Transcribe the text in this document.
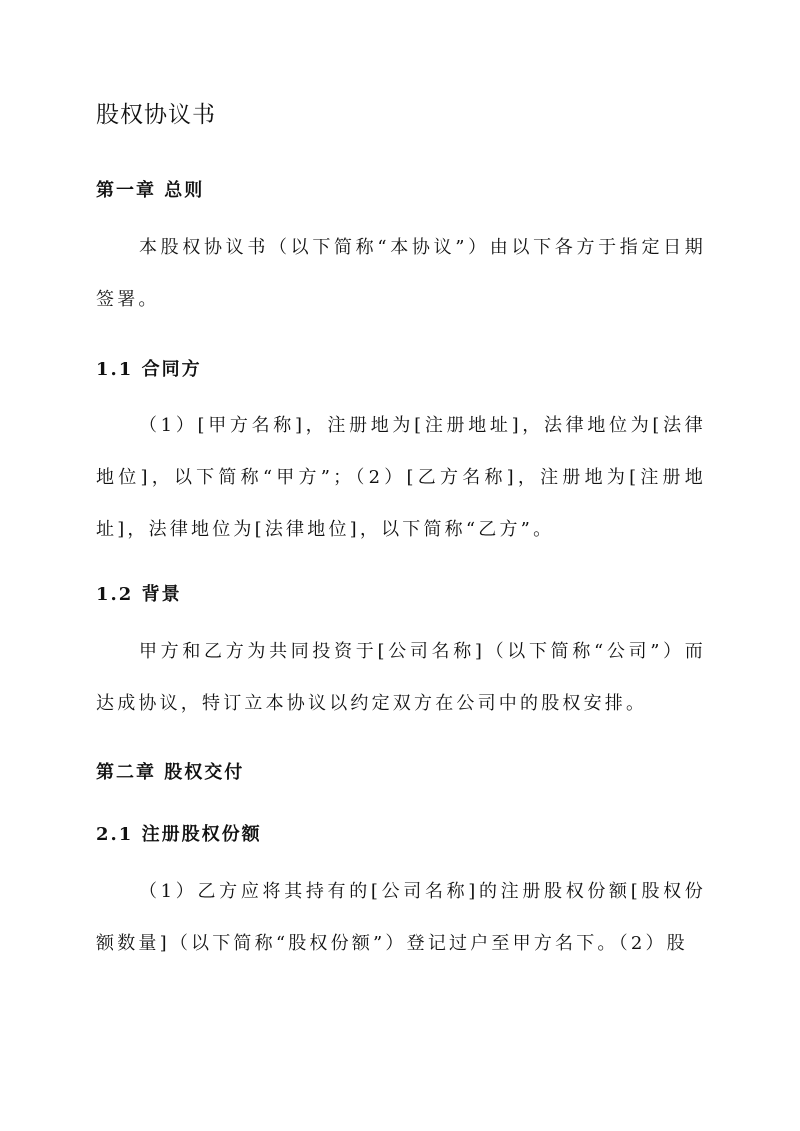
股权协议书
第一章 总则

本股权协议书（以下简称“本协议”）由以下各方于指定日期签署。

1.1 合同方

（1）[甲方名称]，注册地为[注册地址]，法律地位为[法律地位]，以下简称“甲方”；（2）[乙方名称]，注册地为[注册地址]，法律地位为[法律地位]，以下简称“乙方”。

1.2 背景

甲方和乙方为共同投资于[公司名称]（以下简称“公司”）而达成协议，特订立本协议以约定双方在公司中的股权安排。

第二章 股权交付
2.1 注册股权份额

（1）乙方应将其持有的[公司名称]的注册股权份额[股权份额数量]（以下简称“股权份额”）登记过户至甲方名下。（2）股
